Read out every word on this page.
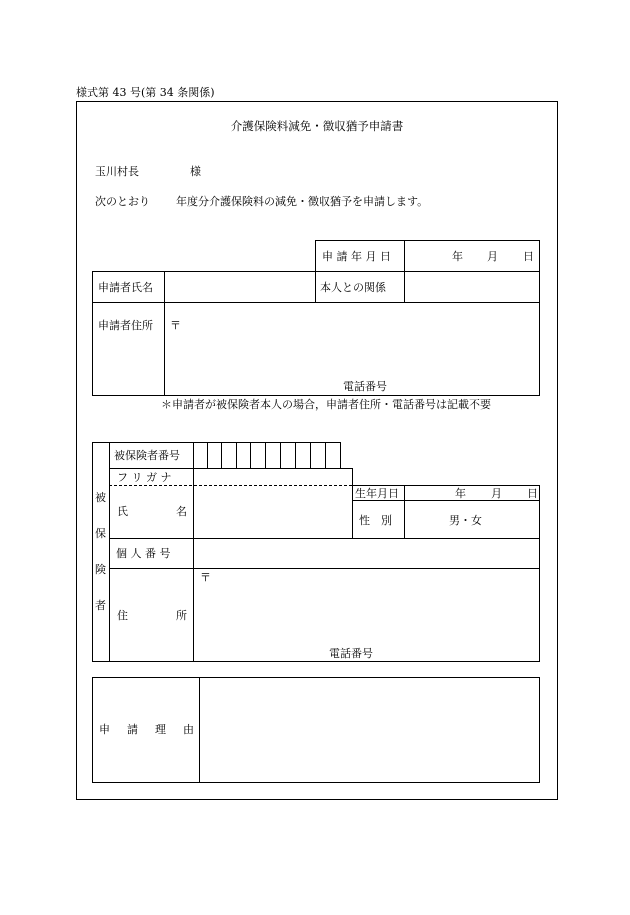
様式第 43 号(第 34 条関係)
介護保険料減免・徴収猶予申請書
玉川村長	様
次のとおり 年度分介護保険料の減免・徴収猶予を申請します。
申 請 年 月 日	年 月 日
申請者氏名	本人との関係
申請者住所 〒
電話番号
＊申請者が被保険者本人の場合，申請者住所・電話番号は記載不要
被
保
険
者
被保険者番号
フ リ ガ ナ
氏	名
生年月日	年 月 日
性　別	男・女
個 人 番 号
住	所
〒
電話番号
申 請 理 由
